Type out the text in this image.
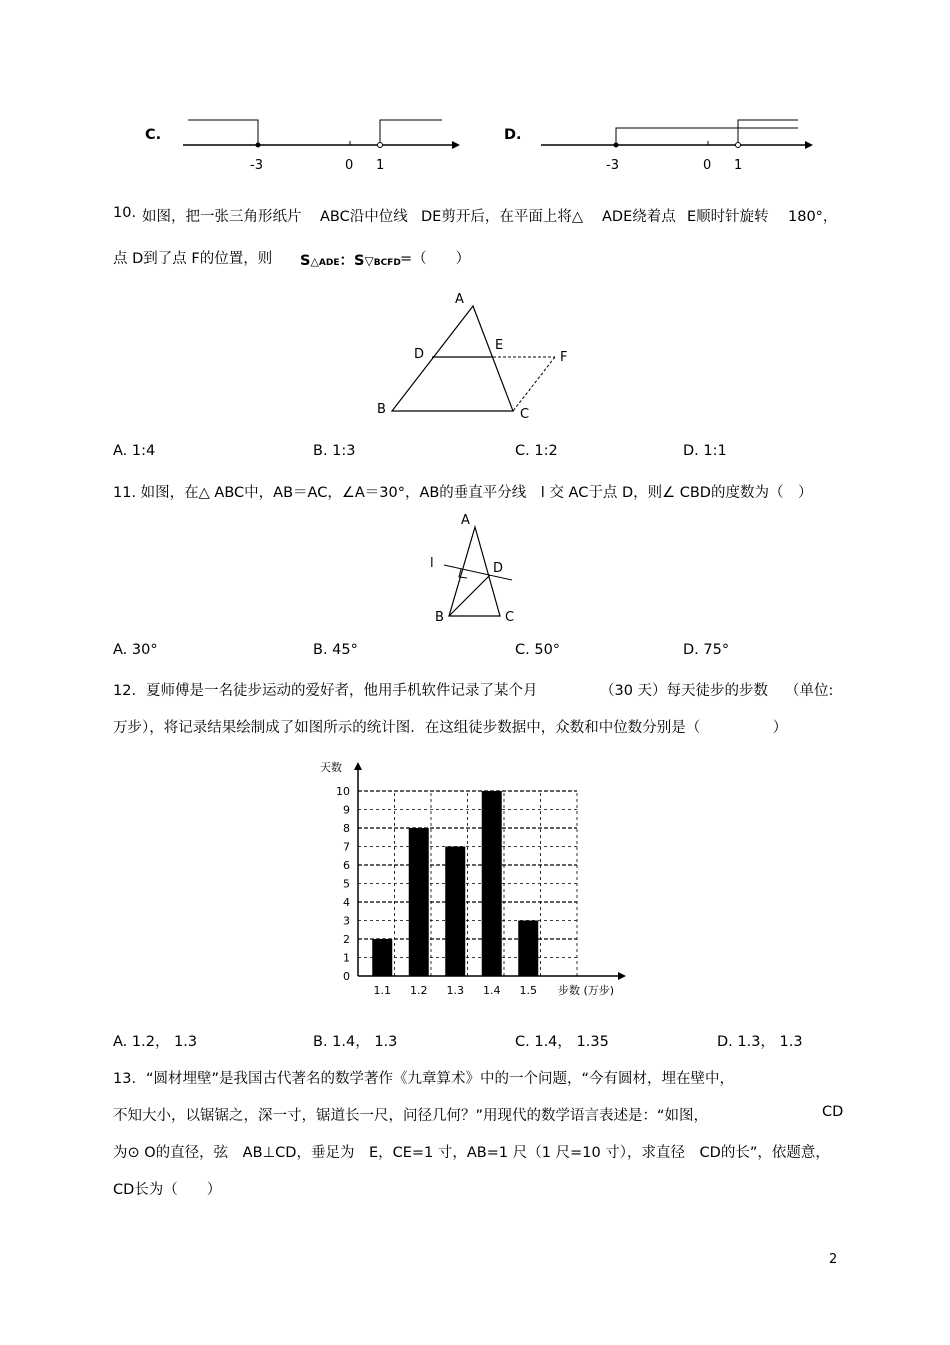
C.
-3	0 1
D.
-3	0 1
10. 如图，把一张三角形纸片 ABC沿中位线 DE剪开后，在平面上将△ ADE绕着点 E顺时针旋转 180°，
点 D到了点 F的位置，则 S△ADE：S▽BCFD =（　　）
A
D
E
F
B	C
A. 1:4	B. 1:3	C. 1:2	D. 1:1
11. 如图，在△ ABC中，AB＝AC，∠A＝30°，AB的垂直平分线　l 交 AC于点 D，则∠ CBD的度数为（　）
A
l	D
B	C
A. 30°	B. 45°	C. 50°	D. 75°
12．夏师傅是一名徒步运动的爱好者，他用手机软件记录了某个月	（30 天）每天徒步的步数 （单位:
万步），将记录结果绘制成了如图所示的统计图．在这组徒步数据中，众数和中位数分别是（　　　　　）
0
1
2
3
4
5
6
7
8
9
10
1.1 1.2 1.3 1.4 1.5
天数
步数 (万步)
A. 1.2， 1.3	B. 1.4， 1.3	C. 1.4， 1.35	D. 1.3， 1.3
13．“圆材埋壁”是我国古代著名的数学著作《九章算术》中的一个问题，“今有圆材，埋在壁中，
不知大小，以锯锯之，深一寸，锯道长一尺，问径几何？”用现代的数学语言表述是：“如图，	CD
为⊙ O的直径，弦　AB⊥CD，垂足为　E，CE=1 寸，AB=1 尺（1 尺=10 寸），求直径　CD的长”，依题意，
CD长为（　　）
2
